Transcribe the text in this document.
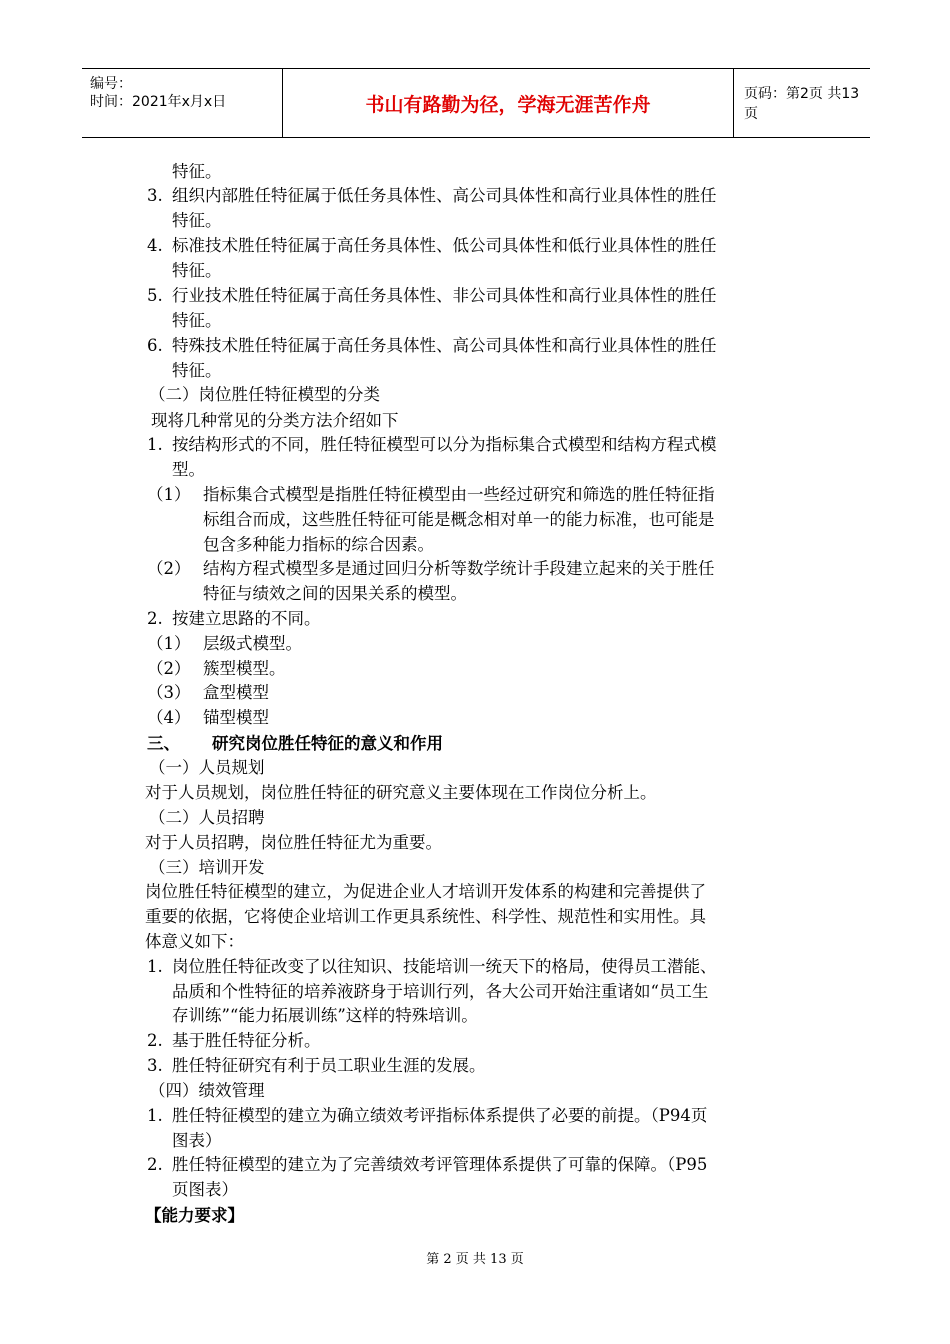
编号：
时间：2021年x月x日	书山有路勤为径，学海无涯苦作舟	页码：第2页 共13页
特征。
3. 组织内部胜任特征属于低任务具体性、高公司具体性和高行业具体性的胜任
特征。
4. 标准技术胜任特征属于高任务具体性、低公司具体性和低行业具体性的胜任
特征。
5. 行业技术胜任特征属于高任务具体性、非公司具体性和高行业具体性的胜任
特征。
6. 特殊技术胜任特征属于高任务具体性、高公司具体性和高行业具体性的胜任
特征。
（二）岗位胜任特征模型的分类
现将几种常见的分类方法介绍如下
1. 按结构形式的不同，胜任特征模型可以分为指标集合式模型和结构方程式模
型。
（1） 指标集合式模型是指胜任特征模型由一些经过研究和筛选的胜任特征指
标组合而成，这些胜任特征可能是概念相对单一的能力标准，也可能是
包含多种能力指标的综合因素。
（2） 结构方程式模型多是通过回归分析等数学统计手段建立起来的关于胜任
特征与绩效之间的因果关系的模型。
2. 按建立思路的不同。
（1） 层级式模型。
（2） 簇型模型。
（3） 盒型模型
（4） 锚型模型
三、 研究岗位胜任特征的意义和作用
（一）人员规划
对于人员规划，岗位胜任特征的研究意义主要体现在工作岗位分析上。
（二）人员招聘
对于人员招聘，岗位胜任特征尤为重要。
（三）培训开发
岗位胜任特征模型的建立，为促进企业人才培训开发体系的构建和完善提供了
重要的依据，它将使企业培训工作更具系统性、科学性、规范性和实用性。具
体意义如下：
1. 岗位胜任特征改变了以往知识、技能培训一统天下的格局，使得员工潜能、
品质和个性特征的培养液跻身于培训行列，各大公司开始注重诸如“员工生
存训练”“能力拓展训练”这样的特殊培训。
2. 基于胜任特征分析。
3. 胜任特征研究有利于员工职业生涯的发展。
（四）绩效管理
1. 胜任特征模型的建立为确立绩效考评指标体系提供了必要的前提。（P94页
图表）
2. 胜任特征模型的建立为了完善绩效考评管理体系提供了可靠的保障。（P95
页图表）
【能力要求】
第 2 页 共 13 页
